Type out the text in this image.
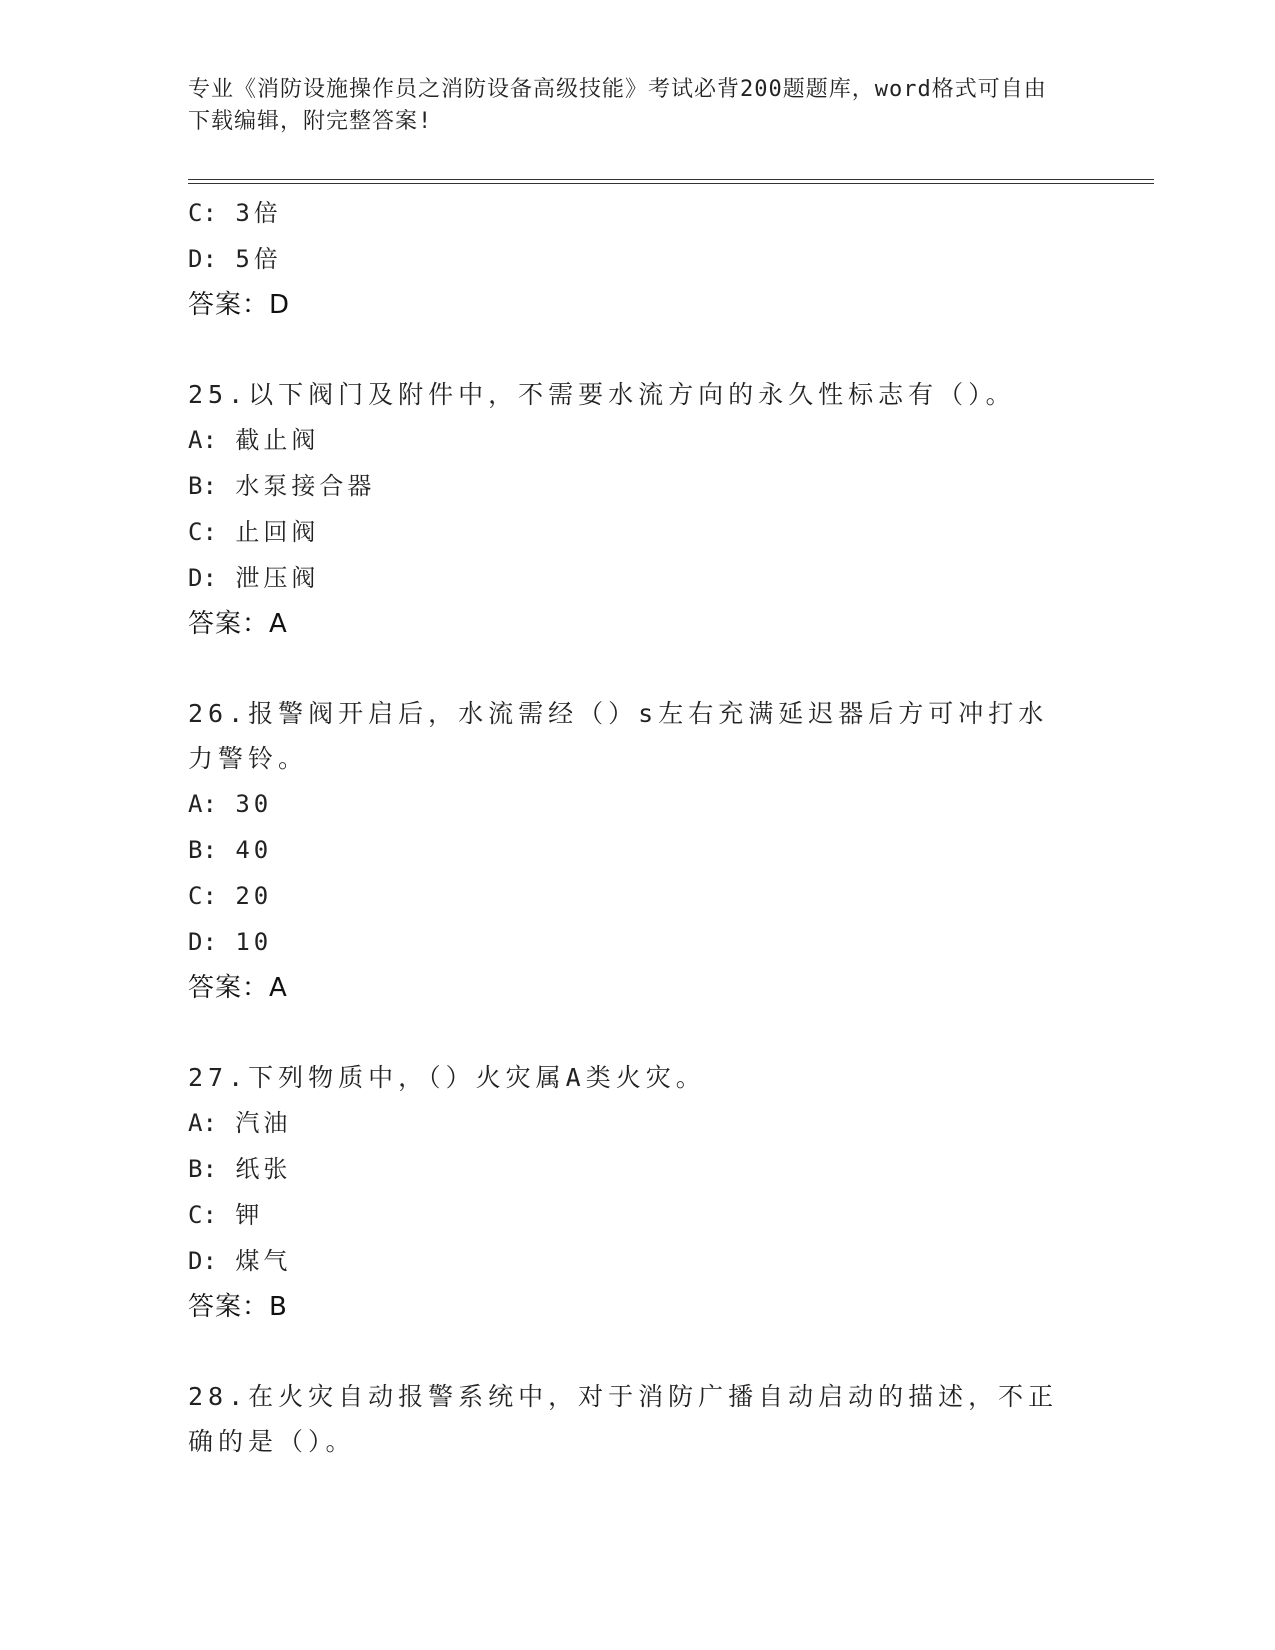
专业《消防设施操作员之消防设备高级技能》考试必背200题题库，word格式可自由下载编辑，附完整答案!
C: 3倍
D: 5倍
答案：D
25.以下阀门及附件中，不需要水流方向的永久性标志有（）。
A: 截止阀
B: 水泵接合器
C: 止回阀
D: 泄压阀
答案：A
26.报警阀开启后，水流需经（）s左右充满延迟器后方可冲打水力警铃。
A: 30
B: 40
C: 20
D: 10
答案：A
27.下列物质中，（）火灾属A类火灾。
A: 汽油
B: 纸张
C: 钾
D: 煤气
答案：B
28.在火灾自动报警系统中，对于消防广播自动启动的描述，不正确的是（）。
